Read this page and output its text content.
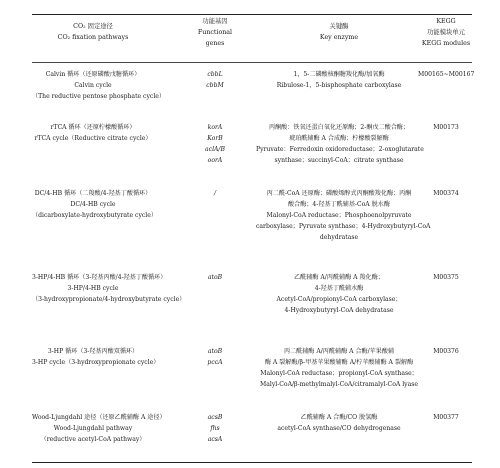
CO₂ 固定途径
CO₂ fixation pathways
功能基因
Functional
genes
关键酶
Key enzyme
KEGG
功能模块单元
KEGG modules
Calvin 循环（还原磷酸戊糖循环）
Calvin cycle
（The reductive pentose phosphate cycle）
cbbL
cbbM
1，5-二磷酸核酮糖羧化酶/加氧酶
Ribulose-1，5-bisphosphate carboxylase
M00165~M00167
rTCA 循环（还原柠檬酸循环）
rTCA cycle（Reductive citrate cycle）
korA
KorB
aclA/B
oorA
丙酮酸：铁氧还蛋白氧化还原酶；2-酮戊二酸合酶；
琥珀酰辅酶 A 合成酶；柠檬酸裂解酶
Pyruvate：Ferredoxin oxidoreductase；2-oxoglutarate
synthase；succinyl-CoA；citrate synthase
M00173
DC/4-HB 循环（二羧酸/4-羟基丁酸循环）
DC/4-HB cycle
（dicarboxylate-hydroxybutyrate cycle）
/	丙二酰-CoA 还原酶；磷酸烯醇式丙酮酸羧化酶；丙酮
酸合酶；4-羟基丁酰辅基-CoA 脱水酶
Malonyl-CoA reductase；Phosphoenolpyruvate
carboxylase；Pyruvate synthase；4-Hydroxybutyryl-CoA
dehydratase
M00374
3-HP/4-HB 循环（3-羟基丙酸/4-羟基丁酸循环）
3-HP/4-HB cycle
（3-hydroxypropionate/4-hydroxybutyrate cycle）
atoB	乙酰辅酶 A/丙酰辅酶 A 羧化酶；
4-羟基丁酰辅水酶
Acetyl-CoA/propionyl-CoA carboxylase；
4-Hydroxybutyryl-CoA dehydratase
M00375
3-HP 循环（3-羟基丙酸双循环）
3-HP cycle（3-hydroxypropionate cycle）
atoB
pccA
丙二酰辅酶 A/丙酰辅酶 A 合酶/苹果酸辅
酶 A 裂解酶/β-甲基苹果酸辅酶 A/柠苹酸辅酶 A 裂解酶
Malonyl-CoA reductase；propionyl-CoA synthase；
Malyl-CoA/β-methylmalyl-CoA/citramalyl-CoA lyase
M00376
Wood-Ljungdahl 途径（还原乙酰辅酶 A 途径）
Wood-Ljungdahl pathway
（reductive acetyl-CoA pathway）
acsB
fhs
acsA
乙酰辅酶 A 合酶/CO 脱氢酶
acetyl-CoA synthase/CO dehydrogenase
M00377
